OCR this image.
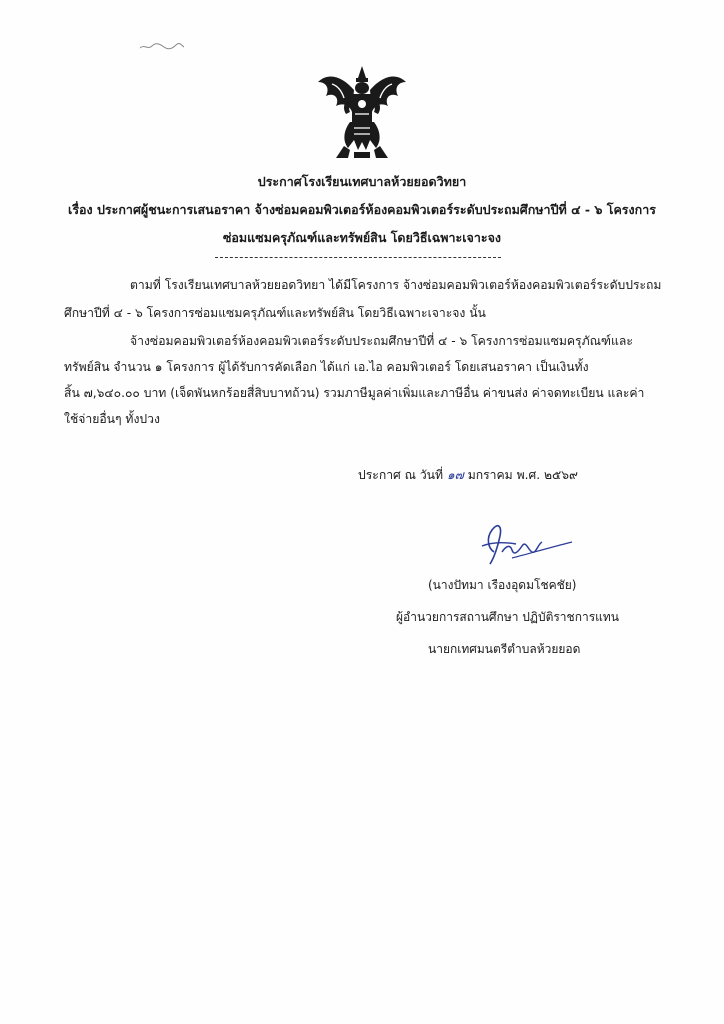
ประกาศโรงเรียนเทศบาลห้วยยอดวิทยา
เรื่อง ประกาศผู้ชนะการเสนอราคา จ้างซ่อมคอมพิวเตอร์ห้องคอมพิวเตอร์ระดับประถมศึกษาปีที่ ๔ - ๖ โครงการ
ซ่อมแซมครุภัณฑ์และทรัพย์สิน โดยวิธีเฉพาะเจาะจง
ตามที่ โรงเรียนเทศบาลห้วยยอดวิทยา ได้มีโครงการ จ้างซ่อมคอมพิวเตอร์ห้องคอมพิวเตอร์ระดับประถม
ศึกษาปีที่ ๔ - ๖ โครงการซ่อมแซมครุภัณฑ์และทรัพย์สิน โดยวิธีเฉพาะเจาะจง นั้น
จ้างซ่อมคอมพิวเตอร์ห้องคอมพิวเตอร์ระดับประถมศึกษาปีที่ ๔ - ๖ โครงการซ่อมแซมครุภัณฑ์และ
ทรัพย์สิน จำนวน ๑ โครงการ ผู้ได้รับการคัดเลือก ได้แก่ เอ.ไอ คอมพิวเตอร์ โดยเสนอราคา เป็นเงินทั้ง
สิ้น ๗,๖๔๐.๐๐ บาท (เจ็ดพันหกร้อยสี่สิบบาทถ้วน) รวมภาษีมูลค่าเพิ่มและภาษีอื่น ค่าขนส่ง ค่าจดทะเบียน และค่า
ใช้จ่ายอื่นๆ ทั้งปวง
ประกาศ ณ วันที่ ๑๗ มกราคม พ.ศ. ๒๕๖๙
(นางปัทมา เรืองอุดมโชคชัย)
ผู้อำนวยการสถานศึกษา ปฏิบัติราชการแทน
นายกเทศมนตรีตำบลห้วยยอด
